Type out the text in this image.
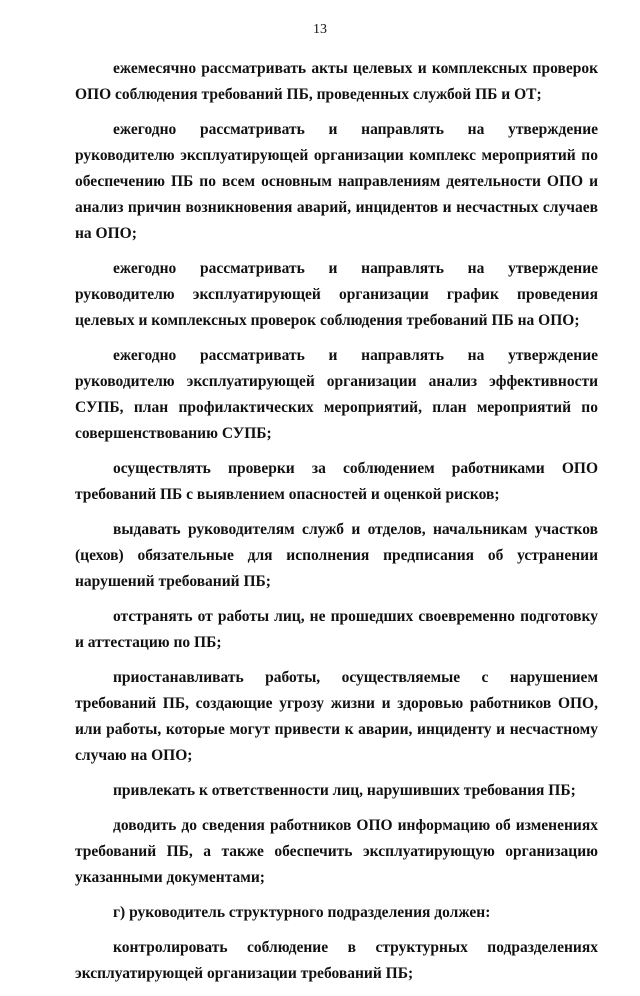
13

ежемесячно рассматривать акты целевых и комплексных проверок ОПО соблюдения требований ПБ, проведенных службой ПБ и ОТ;

ежегодно рассматривать и направлять на утверждение руководителю эксплуатирующей организации комплекс мероприятий по обеспечению ПБ по всем основным направлениям деятельности ОПО и анализ причин возникновения аварий, инцидентов и несчастных случаев на ОПО;

ежегодно рассматривать и направлять на утверждение руководителю эксплуатирующей организации график проведения целевых и комплексных проверок соблюдения требований ПБ на ОПО;

ежегодно рассматривать и направлять на утверждение руководителю эксплуатирующей организации анализ эффективности СУПБ, план профилактических мероприятий, план мероприятий по совершенствованию СУПБ;

осуществлять проверки за соблюдением работниками ОПО требований ПБ с выявлением опасностей и оценкой рисков;

выдавать руководителям служб и отделов, начальникам участков (цехов) обязательные для исполнения предписания об устранении нарушений требований ПБ;

отстранять от работы лиц, не прошедших своевременно подготовку и аттестацию по ПБ;

приостанавливать работы, осуществляемые с нарушением требований ПБ, создающие угрозу жизни и здоровью работников ОПО, или работы, которые могут привести к аварии, инциденту и несчастному случаю на ОПО;

привлекать к ответственности лиц, нарушивших требования ПБ;

доводить до сведения работников ОПО информацию об изменениях требований ПБ, а также обеспечить эксплуатирующую организацию указанными документами;

г) руководитель структурного подразделения должен:

контролировать соблюдение в структурных подразделениях эксплуатирующей организации требований ПБ;
